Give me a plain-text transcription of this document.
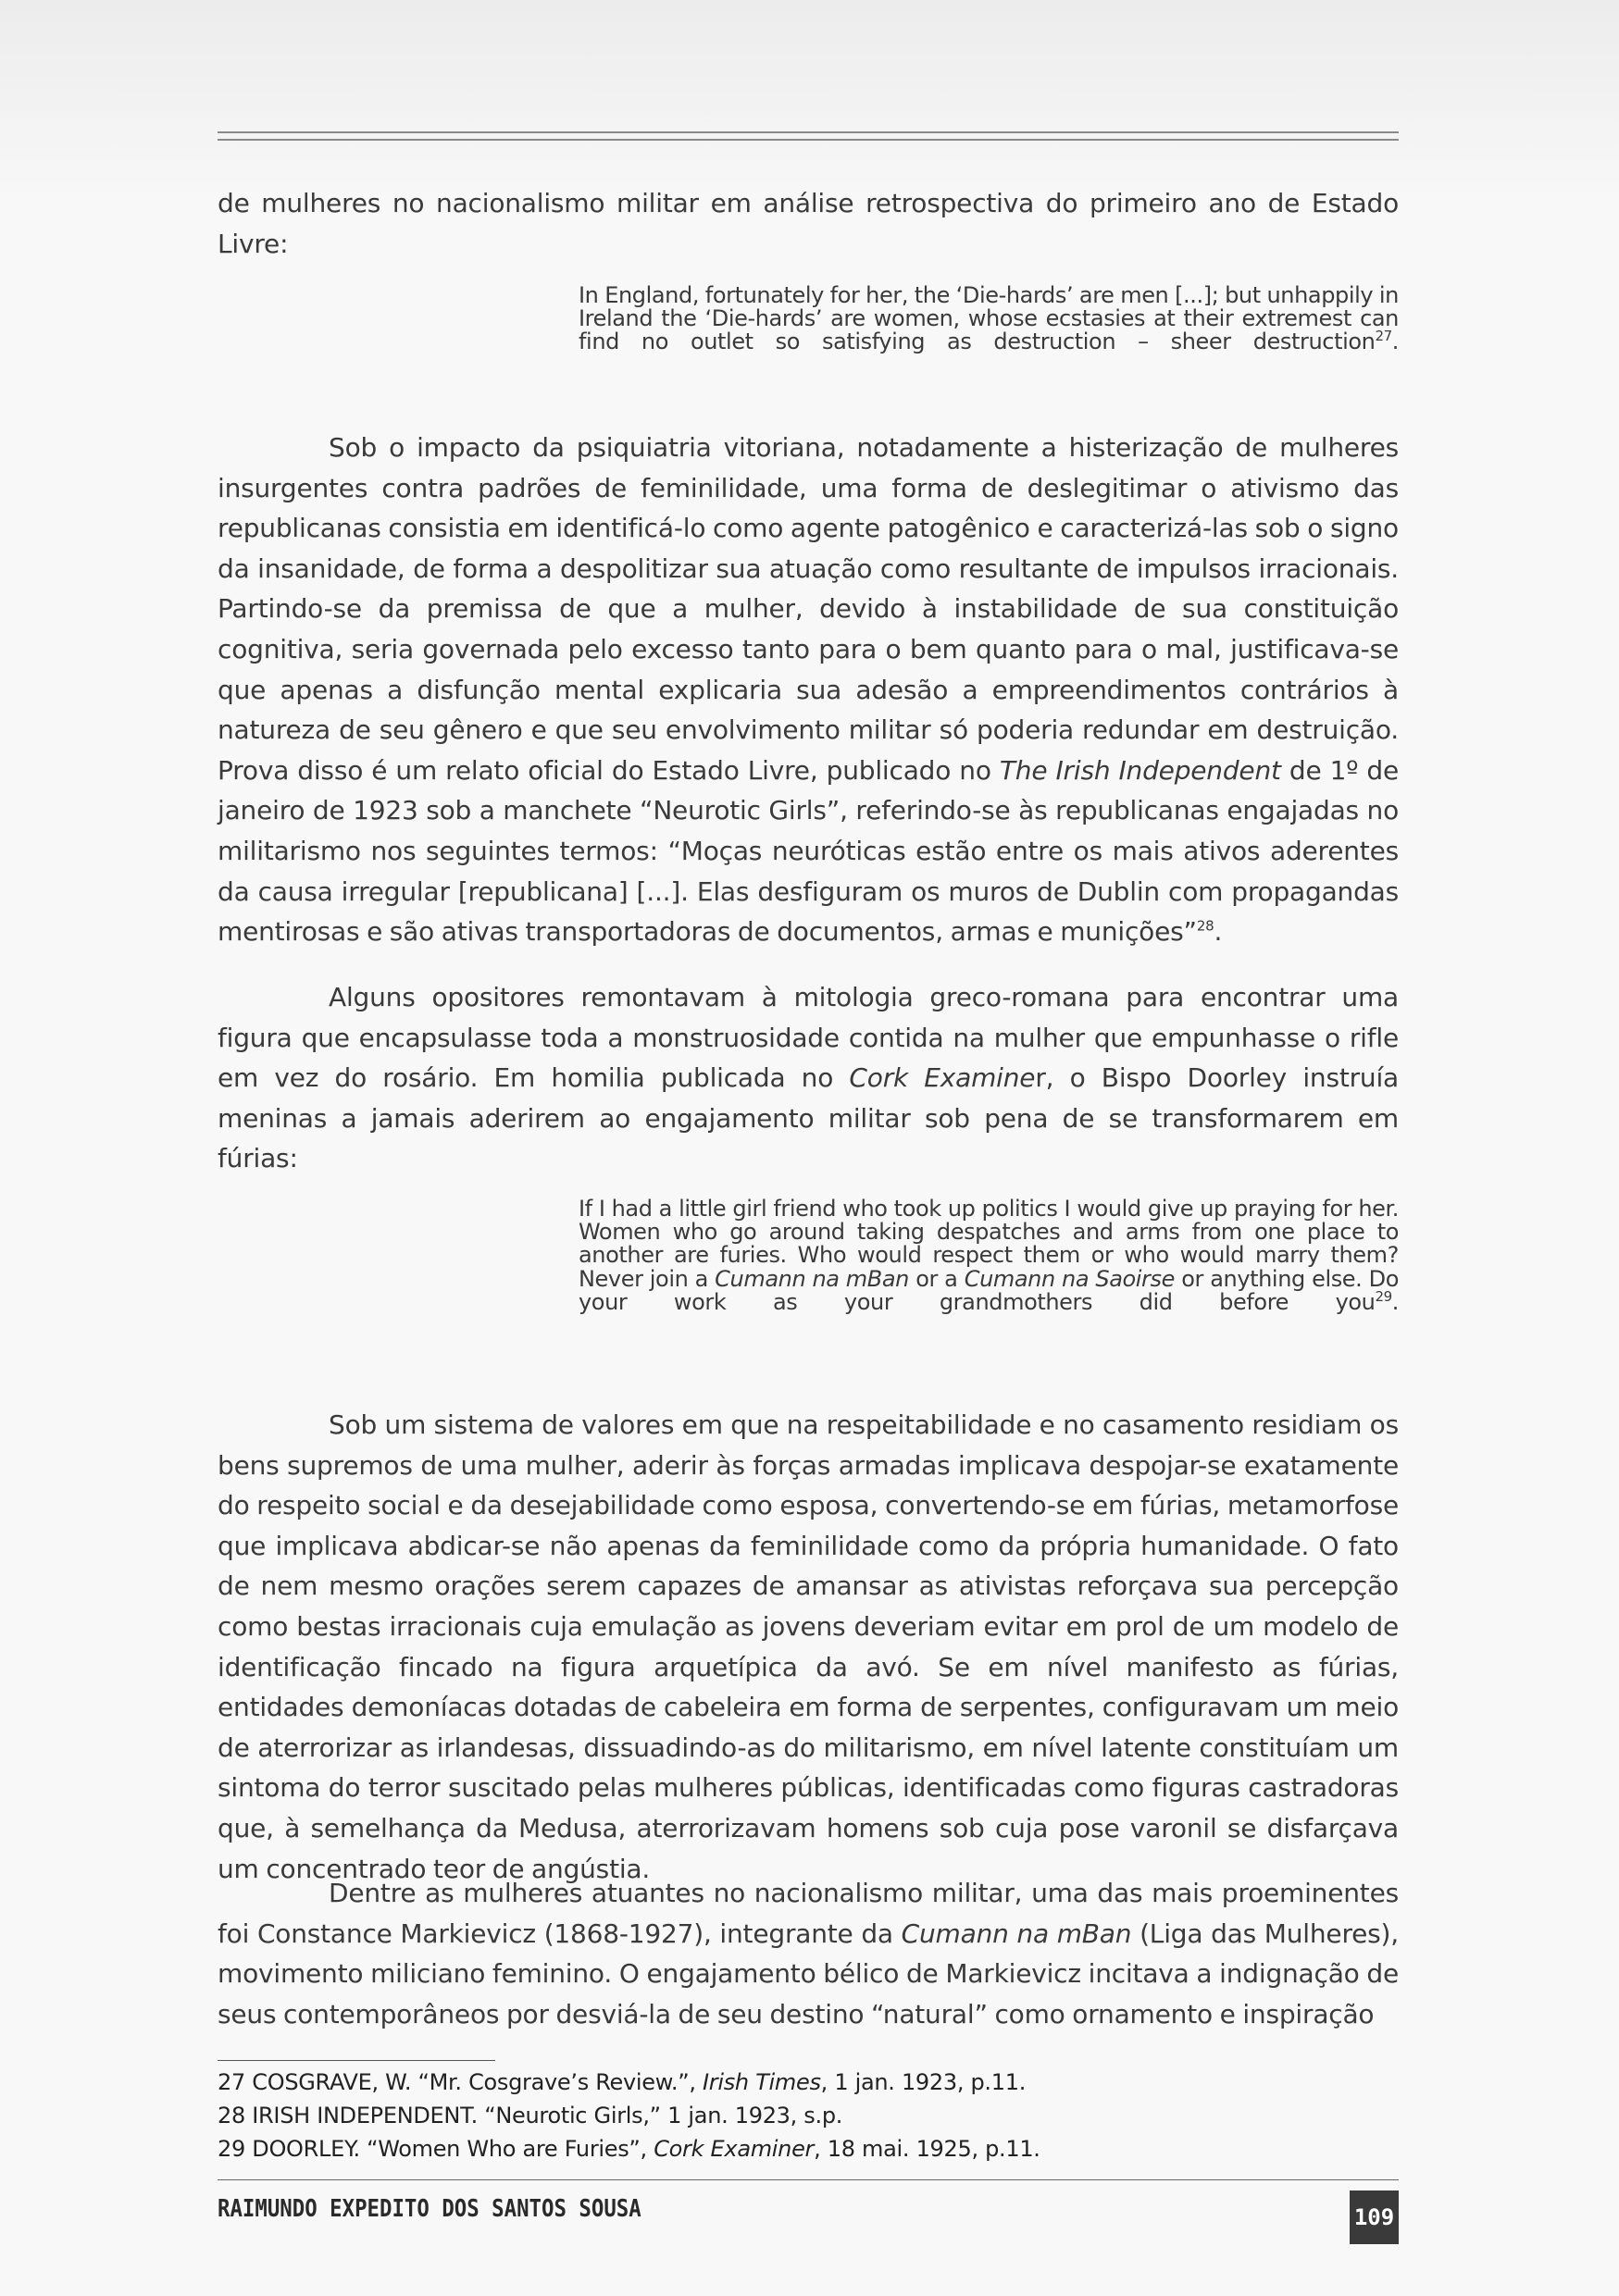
de mulheres no nacionalismo militar em análise retrospectiva do primeiro ano de Estado Livre:

In England, fortunately for her, the ‘Die-hards’ are men [...]; but unhappily in Ireland the ‘Die-hards’ are women, whose ecstasies at their extremest can find no outlet so satisfying as destruction – sheer destruction$^{27}$.

Sob o impacto da psiquiatria vitoriana, notadamente a histerização de mulheres insurgentes contra padrões de feminilidade, uma forma de deslegitimar o ativismo das republicanas consistia em identificá-lo como agente patogênico e caracterizá-las sob o signo da insanidade, de forma a despolitizar sua atuação como resultante de impulsos irracionais. Partindo-se da premissa de que a mulher, devido à instabilidade de sua constituição cognitiva, seria governada pelo excesso tanto para o bem quanto para o mal, justificava-se que apenas a disfunção mental explicaria sua adesão a empreendimentos contrários à natureza de seu gênero e que seu envolvimento militar só poderia redundar em destruição. Prova disso é um relato oficial do Estado Livre, publicado no The Irish Independent de 1º de janeiro de 1923 sob a manchete “Neurotic Girls”, referindo-se às republicanas engajadas no militarismo nos seguintes termos: “Moças neuróticas estão entre os mais ativos aderentes da causa irregular [republicana] [...]. Elas desfiguram os muros de Dublin com propagandas mentirosas e são ativas transportadoras de documentos, armas e munições”$^{28}$.

Alguns opositores remontavam à mitologia greco-romana para encontrar uma figura que encapsulasse toda a monstruosidade contida na mulher que empunhasse o rifle em vez do rosário. Em homilia publicada no Cork Examiner, o Bispo Doorley instruía meninas a jamais aderirem ao engajamento militar sob pena de se transformarem em fúrias:

If I had a little girl friend who took up politics I would give up praying for her. Women who go around taking despatches and arms from one place to another are furies. Who would respect them or who would marry them? Never join a Cumann na mBan or a Cumann na Saoirse or anything else. Do your work as your grandmothers did before you$^{29}$.

Sob um sistema de valores em que na respeitabilidade e no casamento residiam os bens supremos de uma mulher, aderir às forças armadas implicava despojar-se exatamente do respeito social e da desejabilidade como esposa, convertendo-se em fúrias, metamorfose que implicava abdicar-se não apenas da feminilidade como da própria humanidade. O fato de nem mesmo orações serem capazes de amansar as ativistas reforçava sua percepção como bestas irracionais cuja emulação as jovens deveriam evitar em prol de um modelo de identificação fincado na figura arquetípica da avó. Se em nível manifesto as fúrias, entidades demoníacas dotadas de cabeleira em forma de serpentes, configuravam um meio de aterrorizar as irlandesas, dissuadindo-as do militarismo, em nível latente constituíam um sintoma do terror suscitado pelas mulheres públicas, identificadas como figuras castradoras que, à semelhança da Medusa, aterrorizavam homens sob cuja pose varonil se disfarçava um concentrado teor de angústia.

Dentre as mulheres atuantes no nacionalismo militar, uma das mais proeminentes foi Constance Markievicz (1868-1927), integrante da Cumann na mBan (Liga das Mulheres), movimento miliciano feminino. O engajamento bélico de Markievicz incitava a indignação de seus contemporâneos por desviá-la de seu destino “natural” como ornamento e inspiração

27 COSGRAVE, W. “Mr. Cosgrave’s Review.”, Irish Times, 1 jan. 1923, p.11.
28 IRISH INDEPENDENT. “Neurotic Girls,” 1 jan. 1923, s.p.
29 DOORLEY. “Women Who are Furies”, Cork Examiner, 18 mai. 1925, p.11.
RAIMUNDO EXPEDITO DOS SANTOS SOUSA	109
